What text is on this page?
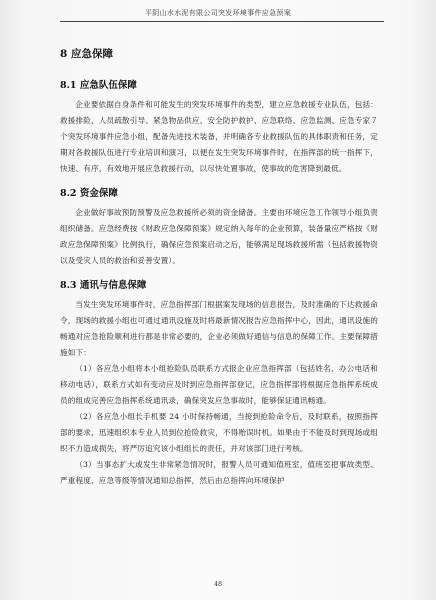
平阴山水水泥有限公司突发环境事件应急预案
8 应急保障
8.1 应急队伍保障

企业要依据自身条件和可能发生的突发环境事件的类型，建立应急救援专业队伍，包括：救援排险、人员疏散引导、紧急物品供应、安全防护救护、应急联络、应急监测、应急专家７个突发环境事件应急小组，配备先进技术装备，并明确各专业救援队伍的具体职责和任务，定期对各救援队伍进行专业培训和演习，以便在发生突发环境事件时，在指挥部的统一指挥下，快速、有序、有效地开展应急救援行动，以尽快处置事故，使事故的危害降到最低。

8.2 资金保障

企业做好事故预防预警及应急救援所必须的资金储备。主要由环境应急工作领导小组负责组织储备。应急经费按《财政应急保障预案》规定纳入每年的企业预算，装备量应严格按《财政应急保障预案》比例执行，确保应急预案启动之后，能够满足现场救援所需（包括救援物资以及受灾人员的救治和妥善安置）。

8.3 通讯与信息保障

当发生突发环境事件时，应急指挥部门根据案发现场的信息报告，及时准确的下达救援命令，现场的救援小组也可通过通讯设施及时将最新情况报告应急指挥中心，因此，通讯设施的畅通对应急抢险顺利进行都是非常必要的，企业必须做好通信与信息的保障工作。主要保障措施如下：

（1）各应急小组将本小组抢险队员联系方式报企业应急指挥部（包括姓名、办公电话和移动电话），联系方式如有变动应及时到应急指挥部登记，应急指挥部将根据应急指挥系统成员的组成完善应急指挥系统通讯录，确保突发应急事故时，能够保证通讯畅通。

（2）各应急小组长手机要 24 小时保持畅通，当接到抢险命令后，及时联系，按照指挥部的要求，迅速组织本专业人员到位抢险救灾，不得贻误时机。如果由于不能及时到现场或组织不力造成损失，将严厉追究该小组组长的责任，并对该部门进行考核。

（3）当事态扩大或发生非常紧急情况时，报警人员可通知值班室，值班室把事故类型、严重程度、应急等级等情况通知总指挥，然后由总指挥向环境保护

48
